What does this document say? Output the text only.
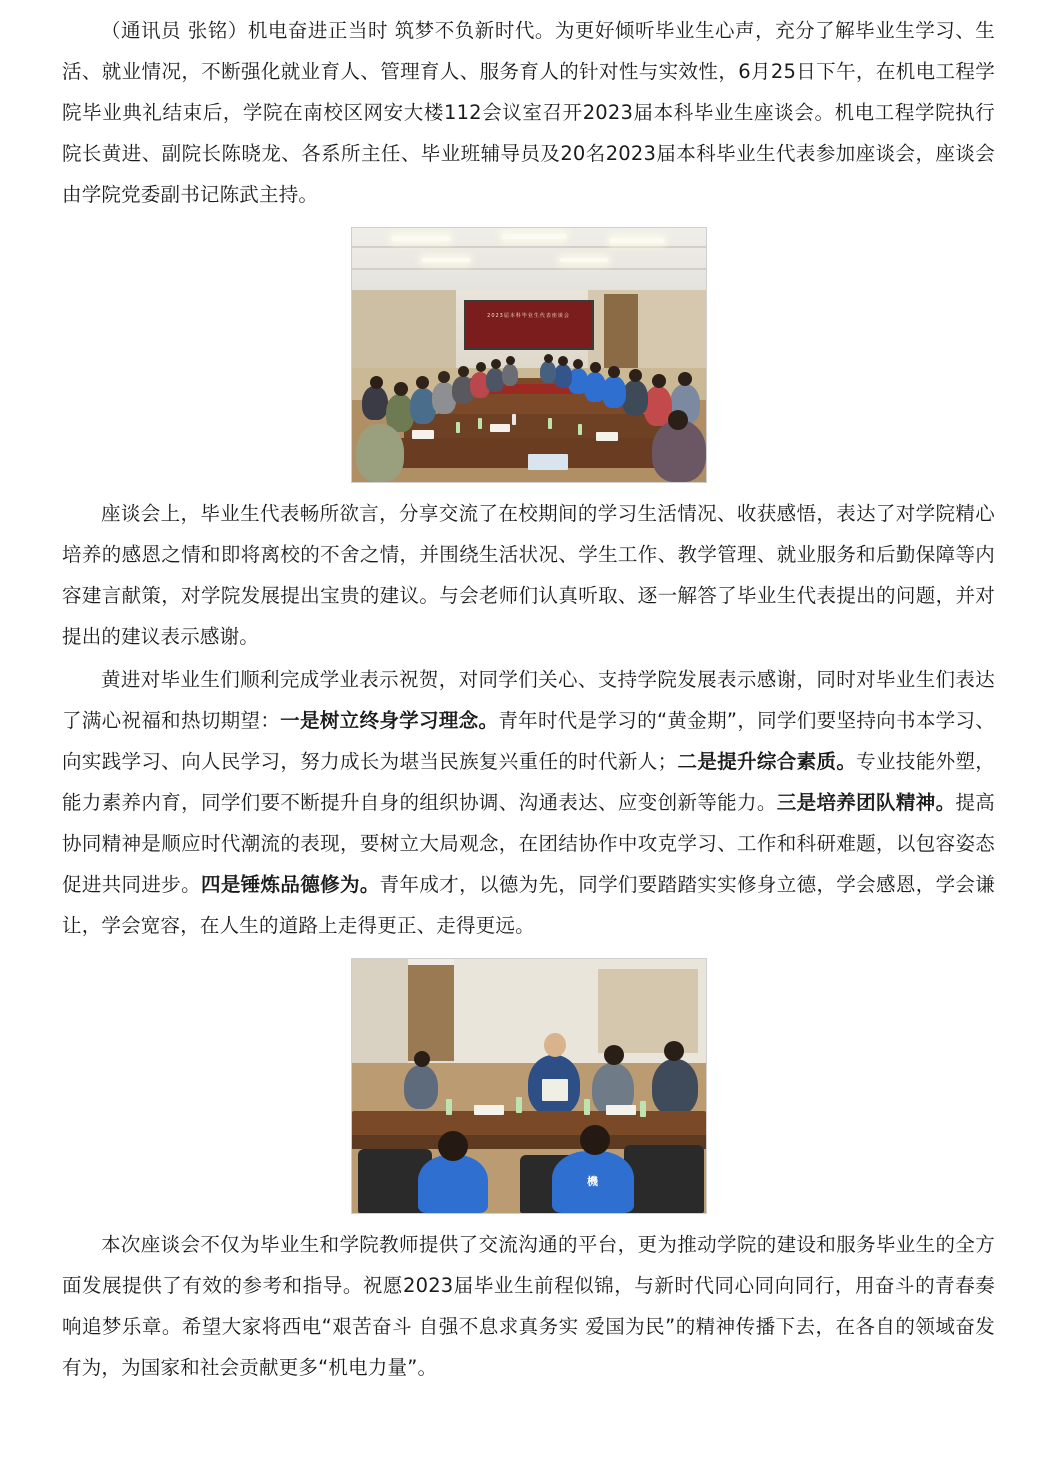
（通讯员 张铭）机电奋进正当时 筑梦不负新时代。为更好倾听毕业生心声，充分了解毕业生学习、生活、就业情况，不断强化就业育人、管理育人、服务育人的针对性与实效性，6月25日下午，在机电工程学院毕业典礼结束后，学院在南校区网安大楼112会议室召开2023届本科毕业生座谈会。机电工程学院执行院长黄进、副院长陈晓龙、各系所主任、毕业班辅导员及20名2023届本科毕业生代表参加座谈会，座谈会由学院党委副书记陈武主持。

2023届本科毕业生代表座谈会

座谈会上，毕业生代表畅所欲言，分享交流了在校期间的学习生活情况、收获感悟，表达了对学院精心培养的感恩之情和即将离校的不舍之情，并围绕生活状况、学生工作、教学管理、就业服务和后勤保障等内容建言献策，对学院发展提出宝贵的建议。与会老师们认真听取、逐一解答了毕业生代表提出的问题，并对提出的建议表示感谢。

黄进对毕业生们顺利完成学业表示祝贺，对同学们关心、支持学院发展表示感谢，同时对毕业生们表达了满心祝福和热切期望：一是树立终身学习理念。青年时代是学习的“黄金期”，同学们要坚持向书本学习、向实践学习、向人民学习，努力成长为堪当民族复兴重任的时代新人；二是提升综合素质。专业技能外塑，能力素养内育，同学们要不断提升自身的组织协调、沟通表达、应变创新等能力。三是培养团队精神。提高协同精神是顺应时代潮流的表现，要树立大局观念，在团结协作中攻克学习、工作和科研难题，以包容姿态促进共同进步。四是锤炼品德修为。青年成才，以德为先，同学们要踏踏实实修身立德，学会感恩，学会谦让，学会宽容，在人生的道路上走得更正、走得更远。

機

本次座谈会不仅为毕业生和学院教师提供了交流沟通的平台，更为推动学院的建设和服务毕业生的全方面发展提供了有效的参考和指导。祝愿2023届毕业生前程似锦，与新时代同心同向同行，用奋斗的青春奏响追梦乐章。希望大家将西电“艰苦奋斗 自强不息求真务实 爱国为民”的精神传播下去，在各自的领域奋发有为，为国家和社会贡献更多“机电力量”。
